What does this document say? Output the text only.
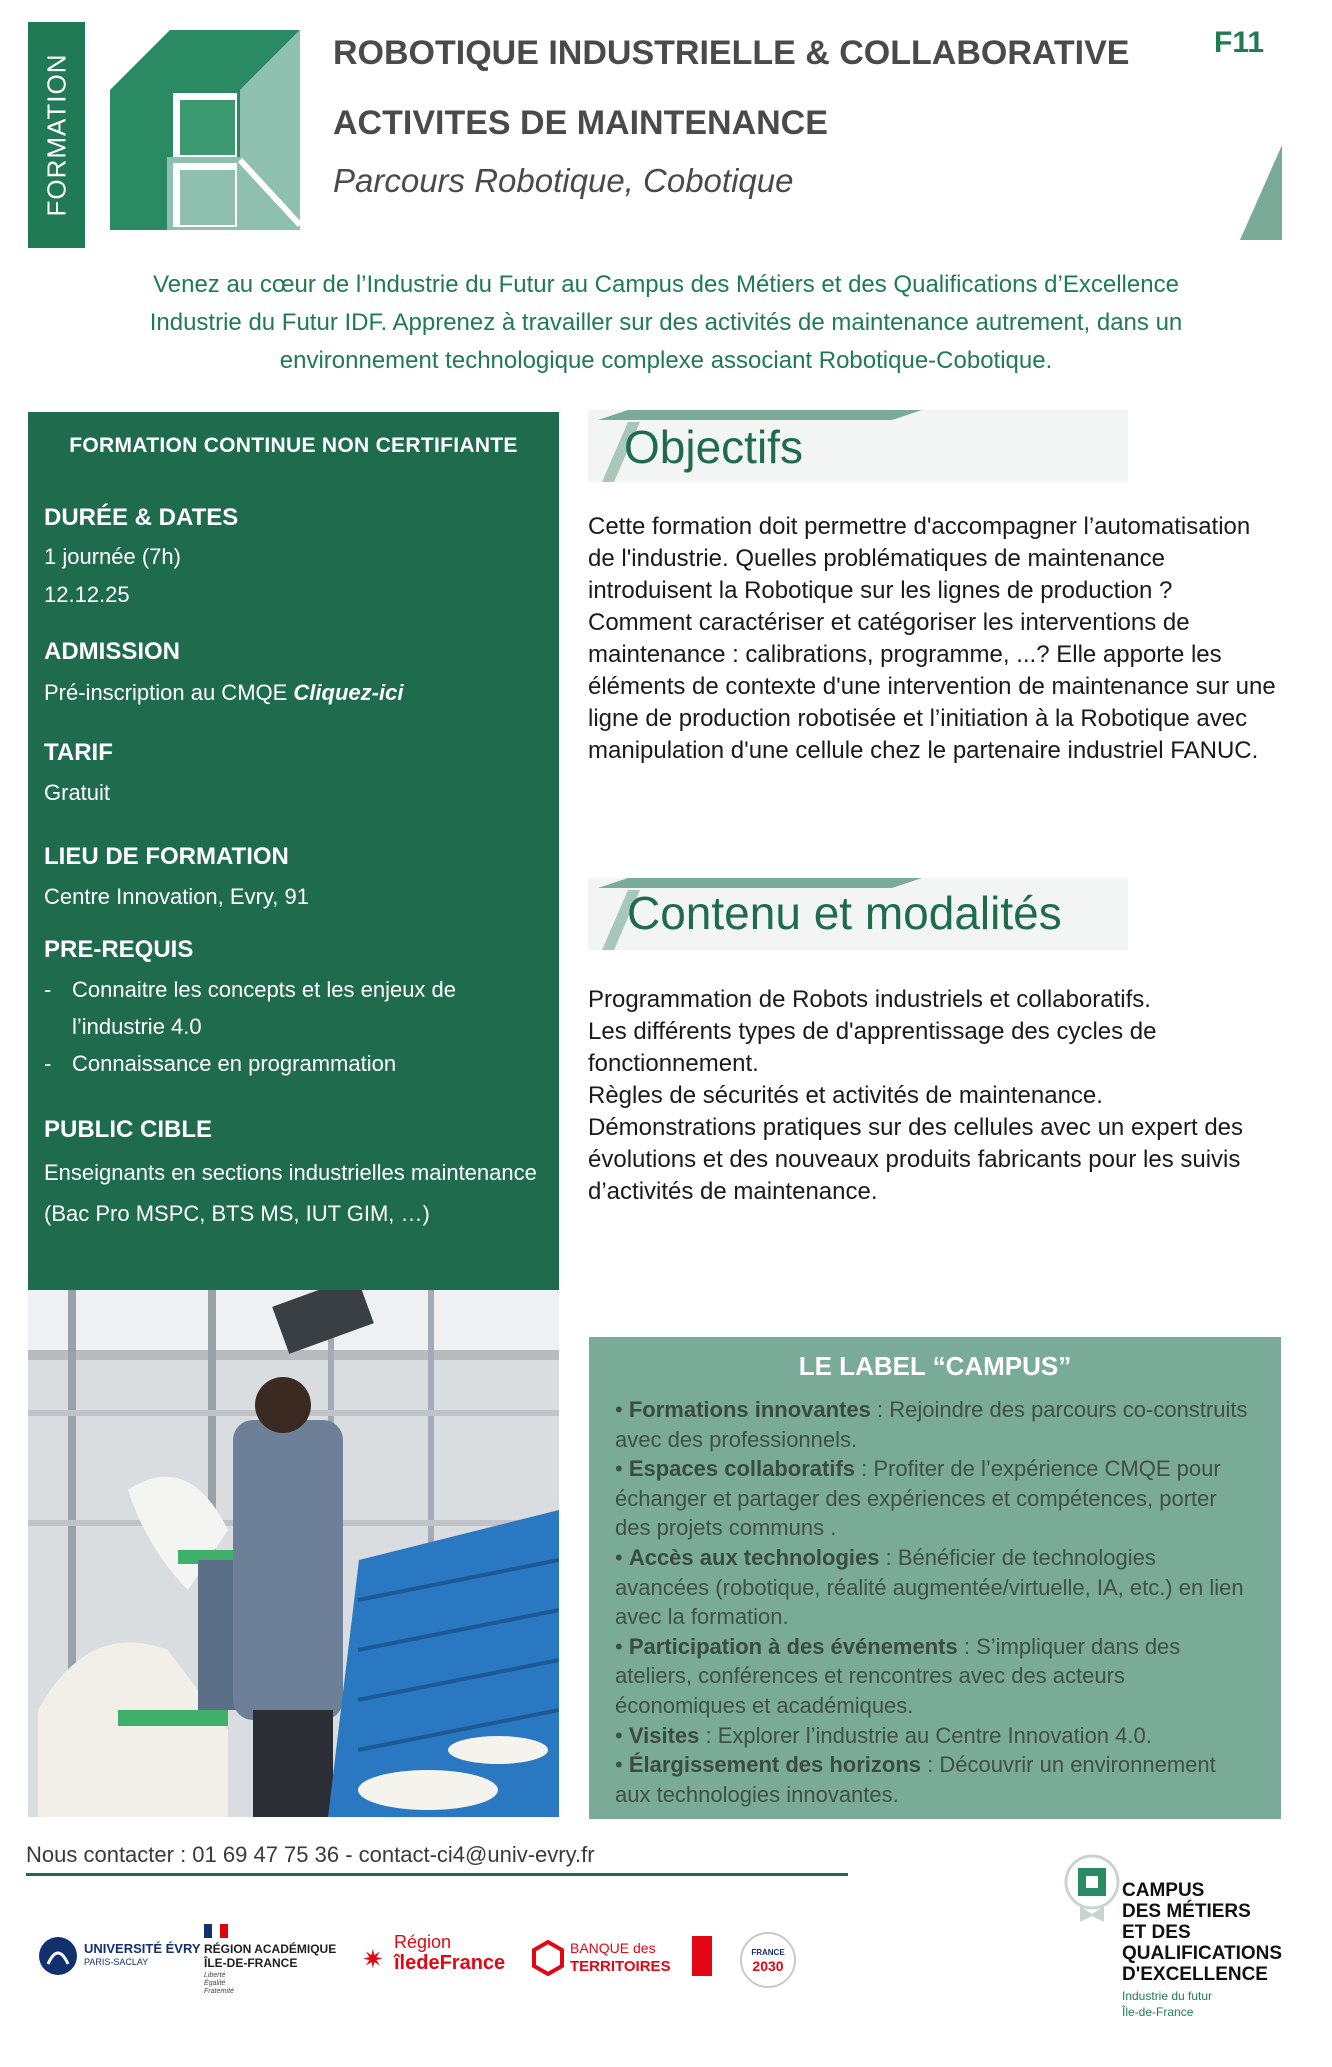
FORMATION
ROBOTIQUE INDUSTRIELLE & COLLABORATIVE
ACTIVITES DE MAINTENANCE
Parcours Robotique, Cobotique
F11
Venez au cœur de l’Industrie du Futur au Campus des Métiers et des Qualifications d’Excellence
Industrie du Futur IDF. Apprenez à travailler sur des activités de maintenance autrement, dans un
environnement technologique complexe associant Robotique-Cobotique.
FORMATION CONTINUE NON CERTIFIANTE
DURÉE & DATES
1 journée (7h)
12.12.25
ADMISSION
Pré-inscription au CMQE Cliquez-ici
TARIF
Gratuit
LIEU DE FORMATION
Centre Innovation, Evry, 91
PRE-REQUIS
- Connaitre les concepts et les enjeux de l’industrie 4.0
- Connaissance en programmation
PUBLIC CIBLE
Enseignants en sections industrielles maintenance (Bac Pro MSPC, BTS MS, IUT GIM, …)
Objectifs
Cette formation doit permettre d'accompagner l’automatisation de l'industrie. Quelles problématiques de maintenance introduisent la Robotique sur les lignes de production ? Comment caractériser et catégoriser les interventions de maintenance : calibrations, programme, ...? Elle apporte les éléments de contexte d'une intervention de maintenance sur une ligne de production robotisée et l’initiation à la Robotique avec manipulation d'une cellule chez le partenaire industriel FANUC.
Contenu et modalités
Programmation de Robots industriels et collaboratifs.
Les différents types de d'apprentissage des cycles de fonctionnement.
Règles de sécurités et activités de maintenance.
Démonstrations pratiques sur des cellules avec un expert des évolutions et des nouveaux produits fabricants pour les suivis d’activités de maintenance.
LE LABEL “CAMPUS”

• Formations innovantes : Rejoindre des parcours co-construits avec des professionnels.

• Espaces collaboratifs : Profiter de l’expérience CMQE pour échanger et partager des expériences et compétences, porter des projets communs .

• Accès aux technologies : Bénéficier de technologies avancées (robotique, réalité augmentée/virtuelle, IA, etc.) en lien avec la formation.

• Participation à des événements : S’impliquer dans des ateliers, conférences et rencontres avec des acteurs économiques et académiques.

• Visites : Explorer l’industrie au Centre Innovation 4.0.

• Élargissement des horizons : Découvrir un environnement aux technologies innovantes.

Nous contacter : 01 69 47 75 36 - contact-ci4@univ-evry.fr
UNIVERSITÉ ÉVRY
PARIS-SACLAY
RÉGION ACADÉMIQUE
ÎLE-DE-FRANCE
Liberté
Égalité
Fraternité
✷
Région
îledeFrance
BANQUE des
TERRITOIRES
FRANCE
2030
CAMPUS
DES MÉTIERS
ET DES
QUALIFICATIONS
D'EXCELLENCE
Industrie du futur
Île-de-France
